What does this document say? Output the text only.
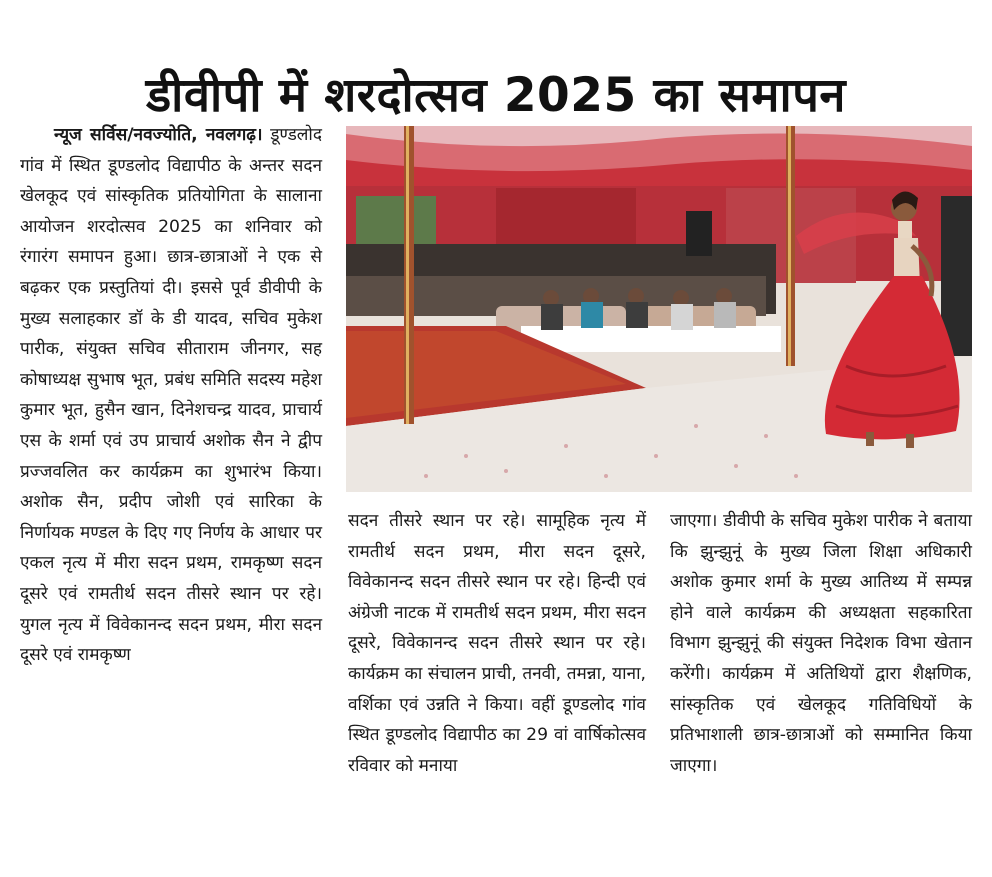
डीवीपी में शरदोत्सव 2025 का समापन

न्यूज सर्विस/नवज्योति, नवलगढ़। डूण्डलोद गांव में स्थित डूण्डलोद विद्यापीठ के अन्तर सदन खेलकूद एवं सांस्कृतिक प्रतियोगिता के सालाना आयोजन शरदोत्सव 2025 का शनिवार को रंगारंग समापन हुआ। छात्र-छात्राओं ने एक से बढ़कर एक प्रस्तुतियां दी। इससे पूर्व डीवीपी के मुख्य सलाहकार डॉ के डी यादव, सचिव मुकेश पारीक, संयुक्त सचिव सीताराम जीनगर, सह कोषाध्यक्ष सुभाष भूत, प्रबंध समिति सदस्य महेश कुमार भूत, हुसैन खान, दिनेशचन्द्र यादव, प्राचार्य एस के शर्मा एवं उप प्राचार्य अशोक सैन ने द्वीप प्रज्जवलित कर कार्यक्रम का शुभारंभ किया। अशोक सैन, प्रदीप जोशी एवं सारिका के निर्णायक मण्डल के दिए गए निर्णय के आधार पर एकल नृत्य में मीरा सदन प्रथम, रामकृष्ण सदन दूसरे एवं रामतीर्थ सदन तीसरे स्थान पर रहे। युगल नृत्य में विवेकानन्द सदन प्रथम, मीरा सदन दूसरे एवं रामकृष्ण

सदन तीसरे स्थान पर रहे। सामूहिक नृत्य में रामतीर्थ सदन प्रथम, मीरा सदन दूसरे, विवेकानन्द सदन तीसरे स्थान पर रहे। हिन्दी एवं अंग्रेजी नाटक में रामतीर्थ सदन प्रथम, मीरा सदन दूसरे, विवेकानन्द सदन तीसरे स्थान पर रहे। कार्यक्रम का संचालन प्राची, तनवी, तमन्ना, याना, वर्शिका एवं उन्नति ने किया। वहीं डूण्डलोद गांव स्थित डूण्डलोद विद्यापीठ का 29 वां वार्षिकोत्सव रविवार को मनाया

जाएगा। डीवीपी के सचिव मुकेश पारीक ने बताया कि झुन्झुनूं के मुख्य जिला शिक्षा अधिकारी अशोक कुमार शर्मा के मुख्य आतिथ्य में सम्पन्न होने वाले कार्यक्रम की अध्यक्षता सहकारिता विभाग झुन्झुनूं की संयुक्त निदेशक विभा खेतान करेंगी। कार्यक्रम में अतिथियों द्वारा शैक्षणिक, सांस्कृतिक एवं खेलकूद गतिविधियों के प्रतिभाशाली छात्र-छात्राओं को सम्मानित किया जाएगा।
